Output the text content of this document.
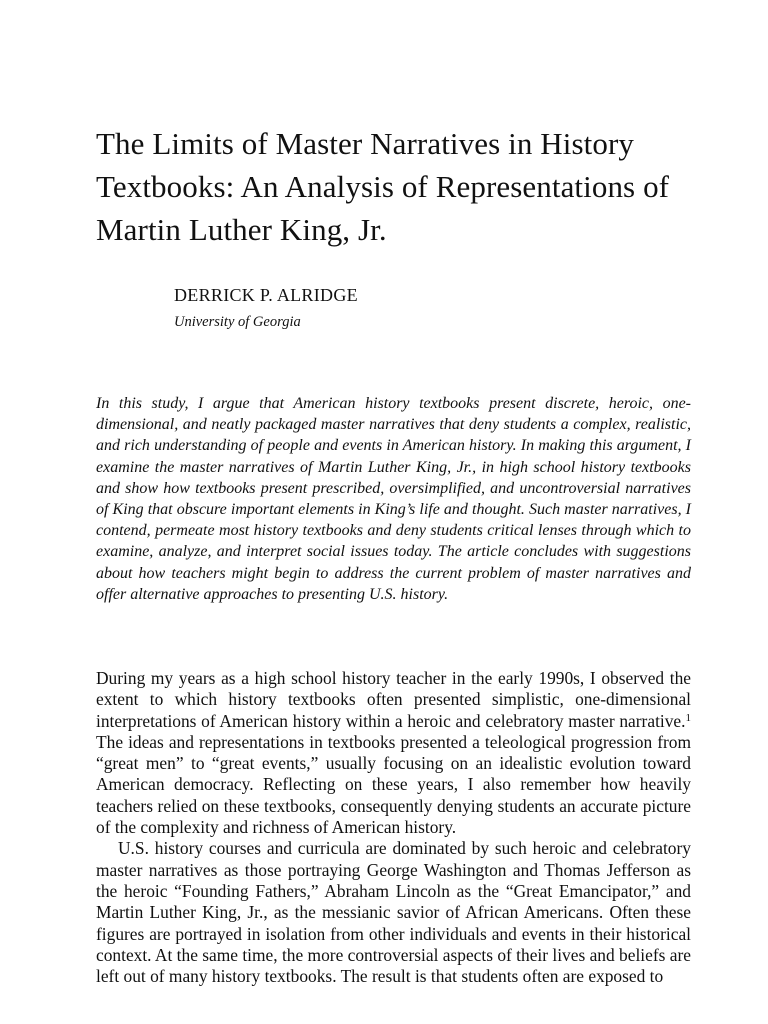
The Limits of Master Narratives in History Textbooks: An Analysis of Representations of Martin Luther King, Jr.
DERRICK P. ALRIDGE
University of Georgia

In this study, I argue that American history textbooks present discrete, heroic, one-dimensional, and neatly packaged master narratives that deny students a complex, realistic, and rich understanding of people and events in American history. In making this argument, I examine the master narratives of Martin Luther King, Jr., in high school history textbooks and show how textbooks present prescribed, oversimplified, and uncontroversial narratives of King that obscure important elements in King’s life and thought. Such master narratives, I contend, permeate most history textbooks and deny students critical lenses through which to examine, analyze, and interpret social issues today. The article concludes with suggestions about how teachers might begin to address the current problem of master narratives and offer alternative approaches to presenting U.S. history.

During my years as a high school history teacher in the early 1990s, I observed the extent to which history textbooks often presented simplistic, one-dimensional interpretations of American history within a heroic and celebratory master narrative.$^1$ The ideas and representations in textbooks presented a teleological progression from “great men” to “great events,” usually focusing on an idealistic evolution toward American democracy. Reflecting on these years, I also remember how heavily teachers relied on these textbooks, consequently denying students an accurate picture of the complexity and richness of American history.

U.S. history courses and curricula are dominated by such heroic and celebratory master narratives as those portraying George Washington and Thomas Jefferson as the heroic “Founding Fathers,” Abraham Lincoln as the “Great Emancipator,” and Martin Luther King, Jr., as the messianic savior of African Americans. Often these figures are portrayed in isolation from other individuals and events in their historical context. At the same time, the more controversial aspects of their lives and beliefs are left out of many history textbooks. The result is that students often are exposed to
